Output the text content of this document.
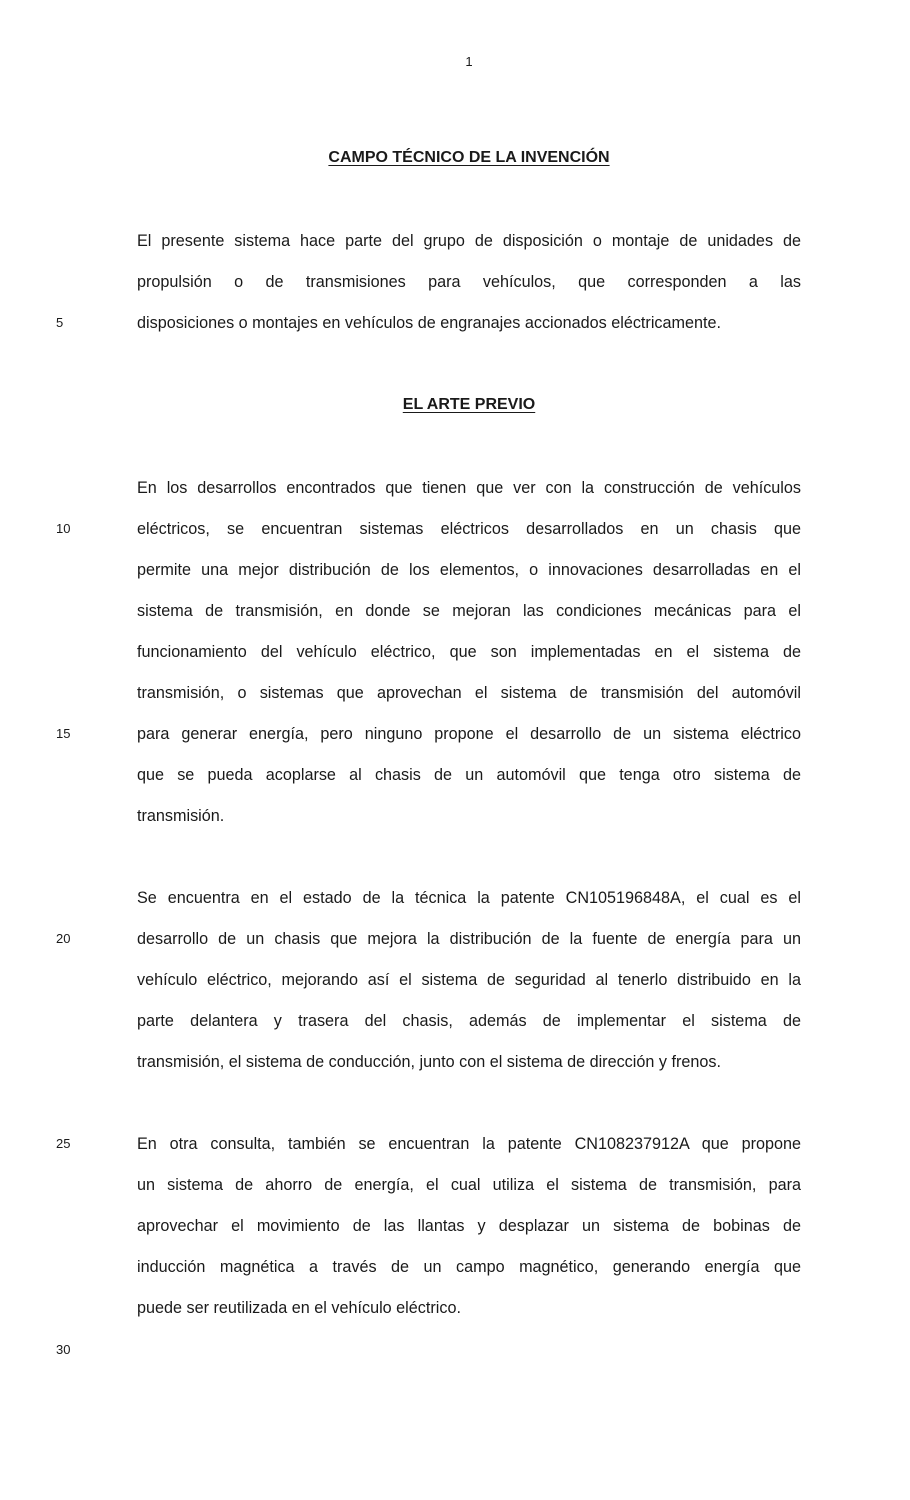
1
CAMPO TÉCNICO DE LA INVENCIÓN
El presente sistema hace parte del grupo de disposición o montaje de unidades de
propulsión o de transmisiones para vehículos, que corresponden a las
disposiciones o montajes en vehículos de engranajes accionados eléctricamente.
EL ARTE PREVIO
En los desarrollos encontrados que tienen que ver con la construcción de vehículos
eléctricos, se encuentran sistemas eléctricos desarrollados en un chasis que
permite una mejor distribución de los elementos, o innovaciones desarrolladas en el
sistema de transmisión, en donde se mejoran las condiciones mecánicas para el
funcionamiento del vehículo eléctrico, que son implementadas en el sistema de
transmisión, o sistemas que aprovechan el sistema de transmisión del automóvil
para generar energía, pero ninguno propone el desarrollo de un sistema eléctrico
que se pueda acoplarse al chasis de un automóvil que tenga otro sistema de
transmisión.
Se encuentra en el estado de la técnica la patente CN105196848A, el cual es el
desarrollo de un chasis que mejora la distribución de la fuente de energía para un
vehículo eléctrico, mejorando así el sistema de seguridad al tenerlo distribuido en la
parte delantera y trasera del chasis, además de implementar el sistema de
transmisión, el sistema de conducción, junto con el sistema de dirección y frenos.
En otra consulta, también se encuentran la patente CN108237912A que propone
un sistema de ahorro de energía, el cual utiliza el sistema de transmisión, para
aprovechar el movimiento de las llantas y desplazar un sistema de bobinas de
inducción magnética a través de un campo magnético, generando energía que
puede ser reutilizada en el vehículo eléctrico.
5
10
15
20
25
30
